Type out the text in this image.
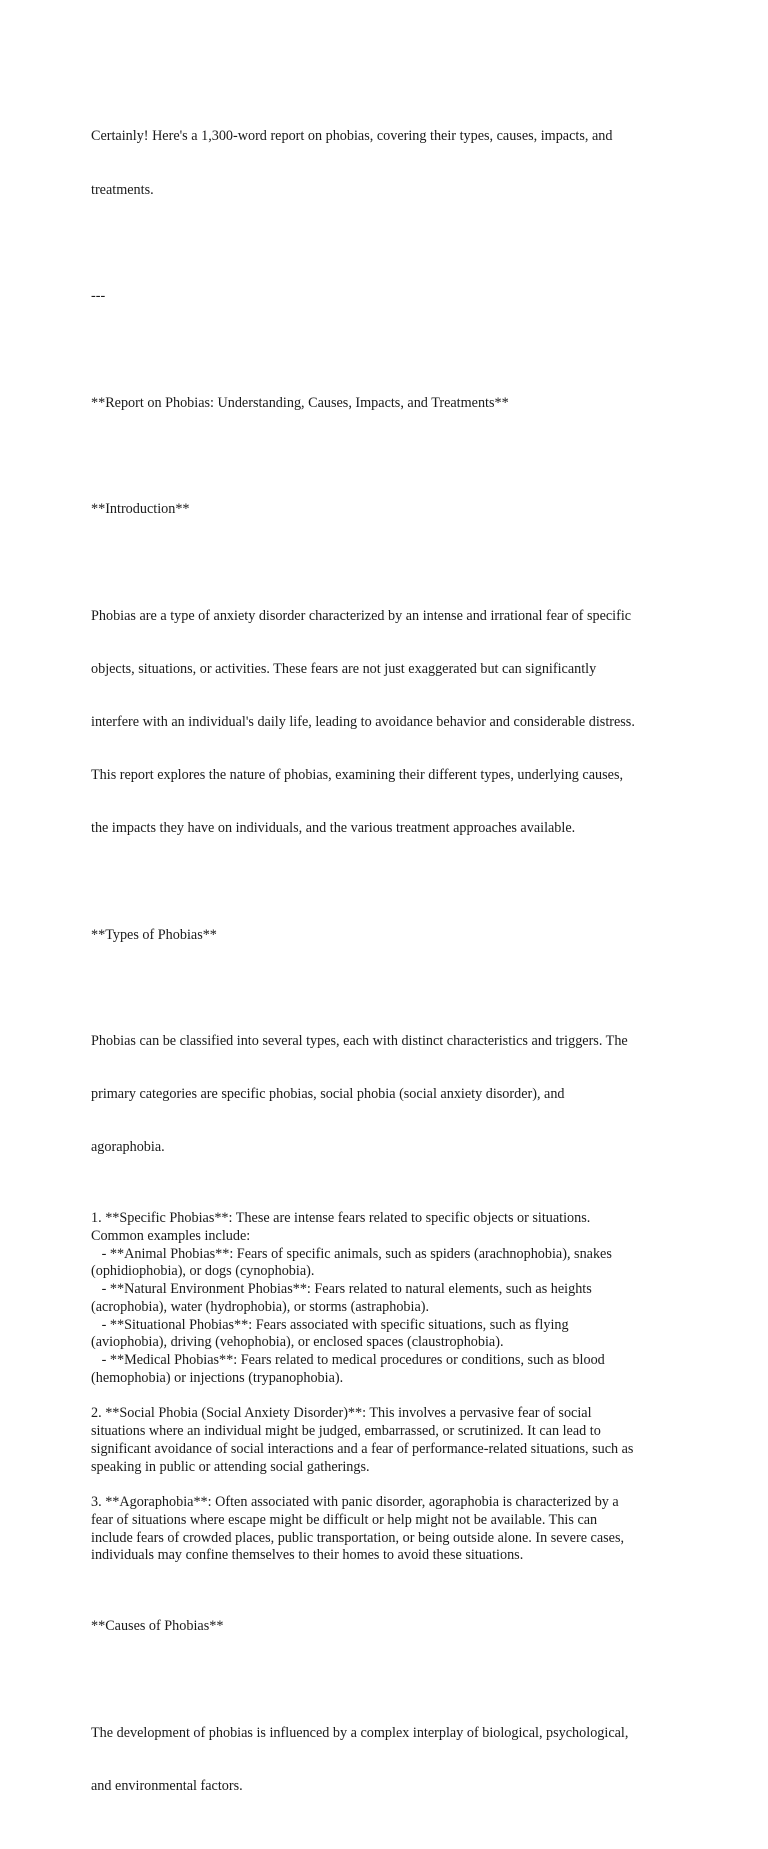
Certainly! Here's a 1,300-word report on phobias, covering their types, causes, impacts, and

treatments.

---

**Report on Phobias: Understanding, Causes, Impacts, and Treatments**

**Introduction**

Phobias are a type of anxiety disorder characterized by an intense and irrational fear of specific

objects, situations, or activities. These fears are not just exaggerated but can significantly

interfere with an individual's daily life, leading to avoidance behavior and considerable distress.

This report explores the nature of phobias, examining their different types, underlying causes,

the impacts they have on individuals, and the various treatment approaches available.

**Types of Phobias**

Phobias can be classified into several types, each with distinct characteristics and triggers. The

primary categories are specific phobias, social phobia (social anxiety disorder), and

agoraphobia.

1. **Specific Phobias**: These are intense fears related to specific objects or situations.
Common examples include:
- **Animal Phobias**: Fears of specific animals, such as spiders (arachnophobia), snakes
(ophidiophobia), or dogs (cynophobia).
- **Natural Environment Phobias**: Fears related to natural elements, such as heights
(acrophobia), water (hydrophobia), or storms (astraphobia).
- **Situational Phobias**: Fears associated with specific situations, such as flying
(aviophobia), driving (vehophobia), or enclosed spaces (claustrophobia).
- **Medical Phobias**: Fears related to medical procedures or conditions, such as blood
(hemophobia) or injections (trypanophobia).
2. **Social Phobia (Social Anxiety Disorder)**: This involves a pervasive fear of social
situations where an individual might be judged, embarrassed, or scrutinized. It can lead to
significant avoidance of social interactions and a fear of performance-related situations, such as
speaking in public or attending social gatherings.
3. **Agoraphobia**: Often associated with panic disorder, agoraphobia is characterized by a
fear of situations where escape might be difficult or help might not be available. This can
include fears of crowded places, public transportation, or being outside alone. In severe cases,
individuals may confine themselves to their homes to avoid these situations.

**Causes of Phobias**

The development of phobias is influenced by a complex interplay of biological, psychological,

and environmental factors.
